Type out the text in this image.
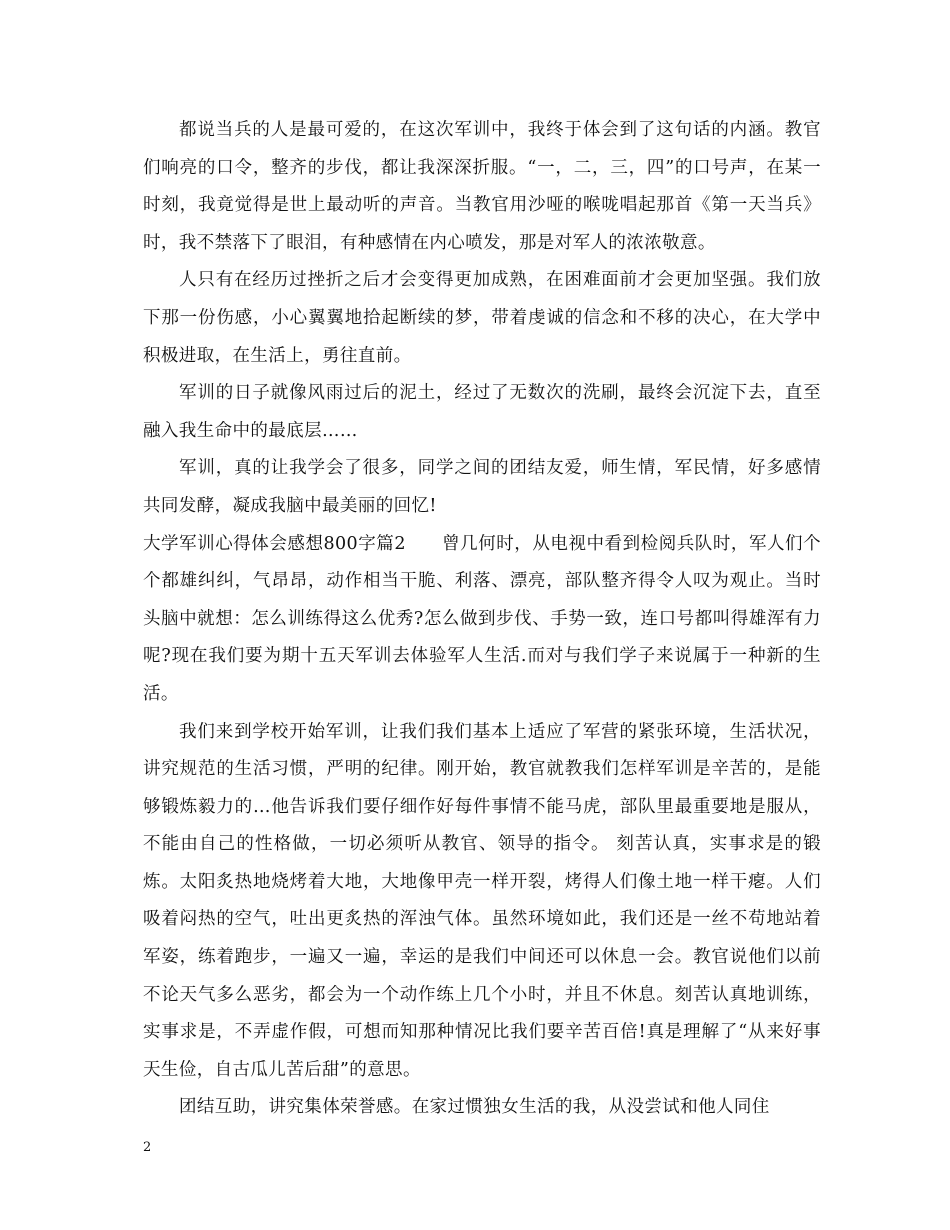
都说当兵的人是最可爱的，在这次军训中，我终于体会到了这句话的内涵。教官们响亮的口令，整齐的步伐，都让我深深折服。“一，二，三，四”的口号声，在某一时刻，我竟觉得是世上最动听的声音。当教官用沙哑的喉咙唱起那首《第一天当兵》时，我不禁落下了眼泪，有种感情在内心喷发，那是对军人的浓浓敬意。

人只有在经历过挫折之后才会变得更加成熟，在困难面前才会更加坚强。我们放下那一份伤感，小心翼翼地拾起断续的梦，带着虔诚的信念和不移的决心，在大学中积极进取，在生活上，勇往直前。

军训的日子就像风雨过后的泥土，经过了无数次的洗刷，最终会沉淀下去，直至融入我生命中的最底层……

军训，真的让我学会了很多，同学之间的团结友爱，师生情，军民情，好多感情共同发酵，凝成我脑中最美丽的回忆!

大学军训心得体会感想800字篇2　　曾几何时，从电视中看到检阅兵队时，军人们个个都雄纠纠，气昂昂，动作相当干脆、利落、漂亮，部队整齐得令人叹为观止。当时头脑中就想：怎么训练得这么优秀?怎么做到步伐、手势一致，连口号都叫得雄浑有力呢?现在我们要为期十五天军训去体验军人生活.而对与我们学子来说属于一种新的生活。

我们来到学校开始军训，让我们我们基本上适应了军营的紧张环境，生活状况， 讲究规范的生活习惯，严明的纪律。刚开始，教官就教我们怎样军训是辛苦的，是能够锻炼毅力的…他告诉我们要仔细作好每件事情不能马虎，部队里最重要地是服从，不能由自己的性格做，一切必须听从教官、领导的指令。 刻苦认真，实事求是的锻炼。太阳炙热地烧烤着大地，大地像甲壳一样开裂，烤得人们像土地一样干瘪。人们吸着闷热的空气，吐出更炙热的浑浊气体。虽然环境如此，我们还是一丝不苟地站着军姿，练着跑步，一遍又一遍，幸运的是我们中间还可以休息一会。教官说他们以前不论天气多么恶劣，都会为一个动作练上几个小时，并且不休息。刻苦认真地训练，实事求是，不弄虚作假，可想而知那种情况比我们要辛苦百倍!真是理解了“从来好事天生俭，自古瓜儿苦后甜”的意思。

团结互助，讲究集体荣誉感。在家过惯独女生活的我，从没尝试和他人同住

2
